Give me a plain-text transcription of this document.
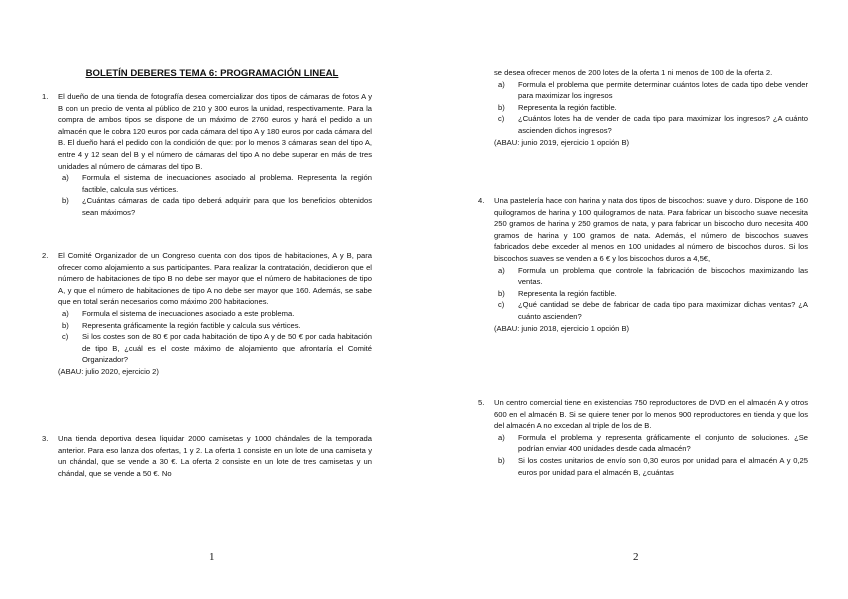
BOLETÍN DEBERES TEMA 6: PROGRAMACIÓN LINEAL
1. El dueño de una tienda de fotografía desea comercializar dos tipos de cámaras de fotos A y B con un precio de venta al público de 210 y 300 euros la unidad, respectivamente. Para la compra de ambos tipos se dispone de un máximo de 2760 euros y hará el pedido a un almacén que le cobra 120 euros por cada cámara del tipo A y 180 euros por cada cámara del B. El dueño hará el pedido con la condición de que: por lo menos 3 cámaras sean del tipo A, entre 4 y 12 sean del B y el número de cámaras del tipo A no debe superar en más de tres unidades al número de cámaras del tipo B.
a) Formula el sistema de inecuaciones asociado al problema. Representa la región factible, calcula sus vértices.
b) ¿Cuántas cámaras de cada tipo deberá adquirir para que los beneficios obtenidos sean máximos?
2. El Comité Organizador de un Congreso cuenta con dos tipos de habitaciones, A y B, para ofrecer como alojamiento a sus participantes. Para realizar la contratación, decidieron que el número de habitaciones de tipo B no debe ser mayor que el número de habitaciones de tipo A, y que el número de habitaciones de tipo A no debe ser mayor que 160. Además, se sabe que en total serán necesarios como máximo 200 habitaciones.
a) Formula el sistema de inecuaciones asociado a este problema.
b) Representa gráficamente la región factible y calcula sus vértices.
c) Si los costes son de 80 € por cada habitación de tipo A y de 50 € por cada habitación de tipo B, ¿cuál es el coste máximo de alojamiento que afrontaría el Comité Organizador?
(ABAU: julio 2020, ejercicio 2)
3. Una tienda deportiva desea liquidar 2000 camisetas y 1000 chándales de la temporada anterior. Para eso lanza dos ofertas, 1 y 2. La oferta 1 consiste en un lote de una camiseta y un chándal, que se vende a 30 €. La oferta 2 consiste en un lote de tres camisetas y un chándal, que se vende a 50 €. No
se desea ofrecer menos de 200 lotes de la oferta 1 ni menos de 100 de la oferta 2.
a) Formula el problema que permite determinar cuántos lotes de cada tipo debe vender para maximizar los ingresos
b) Representa la región factible.
c) ¿Cuántos lotes ha de vender de cada tipo para maximizar los ingresos? ¿A cuánto ascienden dichos ingresos?
(ABAU: junio 2019, ejercicio 1 opción B)
4. Una pastelería hace con harina y nata dos tipos de biscochos: suave y duro. Dispone de 160 quilogramos de harina y 100 quilogramos de nata. Para fabricar un biscocho suave necesita 250 gramos de harina y 250 gramos de nata, y para fabricar un biscocho duro necesita 400 gramos de harina y 100 gramos de nata. Además, el número de biscochos suaves fabricados debe exceder al menos en 100 unidades al número de biscochos duros. Si los biscochos suaves se venden a 6 € y los biscochos duros a 4,5€,
a) Formula un problema que controle la fabricación de biscochos maximizando las ventas.
b) Representa la región factible.
c) ¿Qué cantidad se debe de fabricar de cada tipo para maximizar dichas ventas? ¿A cuánto ascienden?
(ABAU: junio 2018, ejercicio 1 opción B)
5. Un centro comercial tiene en existencias 750 reproductores de DVD en el almacén A y otros 600 en el almacén B. Si se quiere tener por lo menos 900 reproductores en tienda y que los del almacén A no excedan al triple de los de B.
a) Formula el problema y representa gráficamente el conjunto de soluciones. ¿Se podrían enviar 400 unidades desde cada almacén?
b) Si los costes unitarios de envío son 0,30 euros por unidad para el almacén A y 0,25 euros por unidad para el almacén B, ¿cuántas
1	2
